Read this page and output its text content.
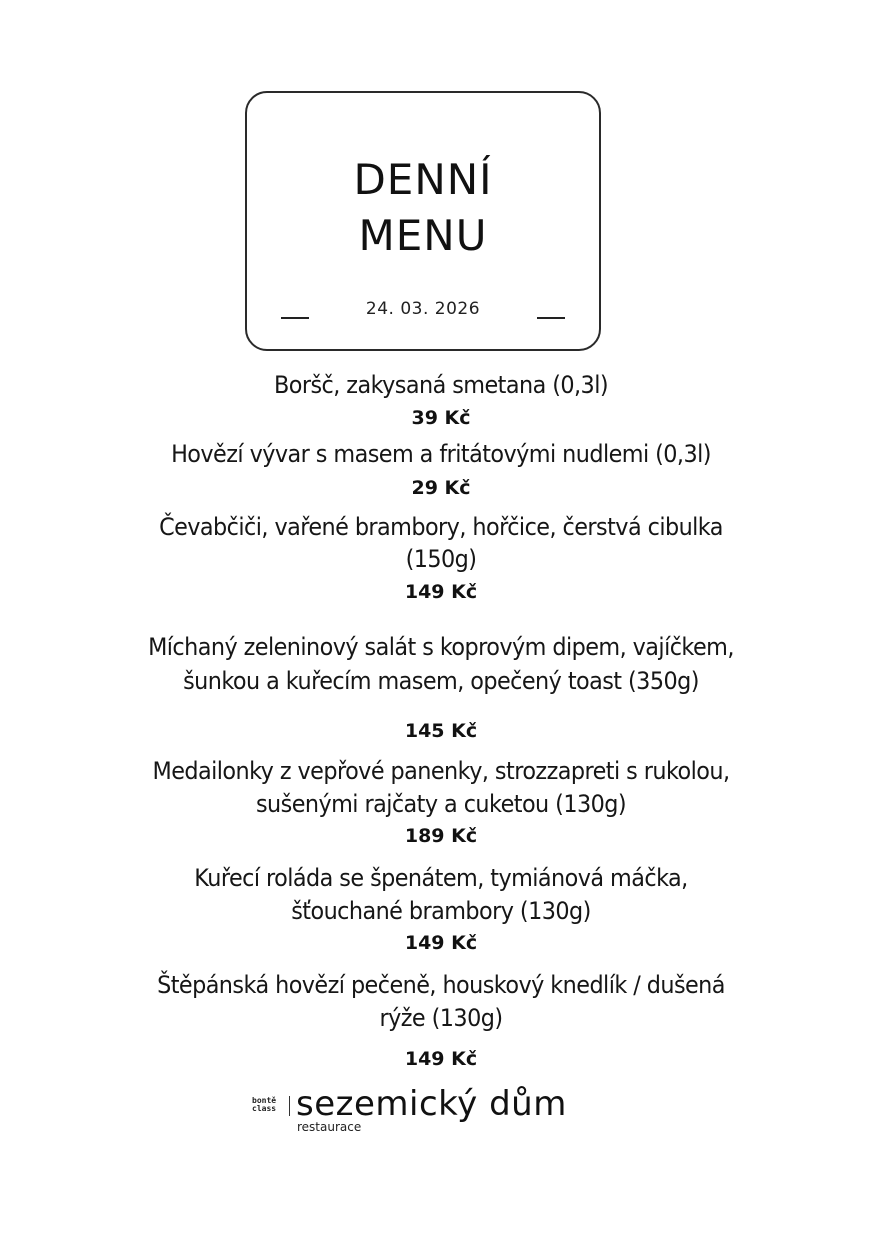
DENNÍ
MENU
24. 03. 2026
Boršč, zakysaná smetana (0,3l)
39 Kč
Hovězí vývar s masem a fritátovými nudlemi (0,3l)
29 Kč
Čevabčiči, vařené brambory, hořčice, čerstvá cibulka
(150g)
149 Kč
Míchaný zeleninový salát s koprovým dipem, vajíčkem,
šunkou a kuřecím masem, opečený toast (350g)
145 Kč
Medailonky z vepřové panenky, strozzapreti s rukolou,
sušenými rajčaty a cuketou (130g)
189 Kč
Kuřecí roláda se špenátem, tymiánová máčka,
šťouchané brambory (130g)
149 Kč
Štěpánská hovězí pečeně, houskový knedlík / dušená
rýže (130g)
149 Kč
bontě
class sezemický dům
restaurace
